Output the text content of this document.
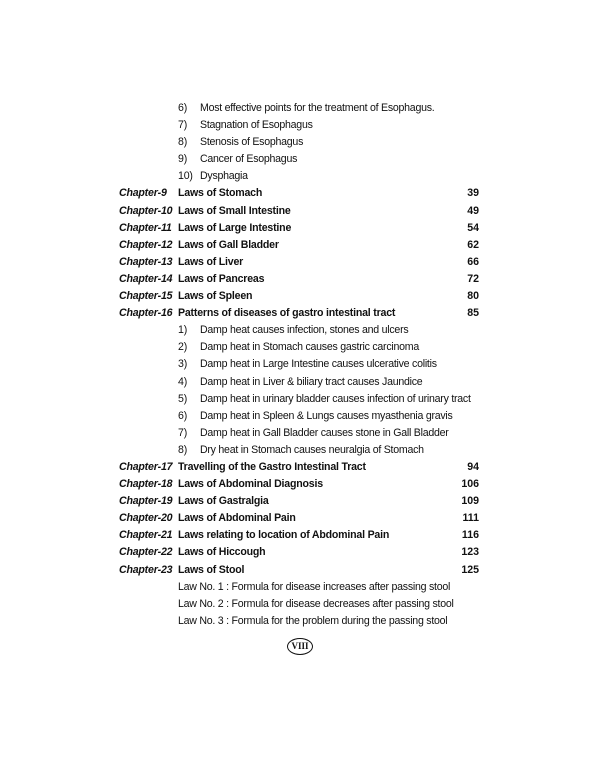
6)	Most effective points for the treatment of Esophagus.
7)	Stagnation of Esophagus
8)	Stenosis of Esophagus
9)	Cancer of Esophagus
10) Dysphagia
Chapter-9 Laws of Stomach	39
Chapter-10 Laws of Small Intestine	49
Chapter-11 Laws of Large Intestine	54
Chapter-12 Laws of Gall Bladder	62
Chapter-13 Laws of Liver	66
Chapter-14 Laws of Pancreas	72
Chapter-15 Laws of Spleen	80
Chapter-16 Patterns of diseases of gastro intestinal tract	85
1)	Damp heat causes infection, stones and ulcers
2)	Damp heat in Stomach causes gastric carcinoma
3)	Damp heat in Large Intestine causes ulcerative colitis
4)	Damp heat in Liver & biliary tract causes Jaundice
5)	Damp heat in urinary bladder causes infection of urinary tract
6)	Damp heat in Spleen & Lungs causes myasthenia gravis
7)	Damp heat in Gall Bladder causes stone in Gall Bladder
8)	Dry heat in Stomach causes neuralgia of Stomach
Chapter-17 Travelling of the Gastro Intestinal Tract	94
Chapter-18 Laws of Abdominal Diagnosis	106
Chapter-19 Laws of Gastralgia	109
Chapter-20 Laws of Abdominal Pain	111
Chapter-21 Laws relating to location of Abdominal Pain	116
Chapter-22 Laws of Hiccough	123
Chapter-23 Laws of Stool	125
Law No. 1 : Formula for disease increases after passing stool
Law No. 2 : Formula for disease decreases after passing stool
Law No. 3 : Formula for the problem during the passing stool
VIII
